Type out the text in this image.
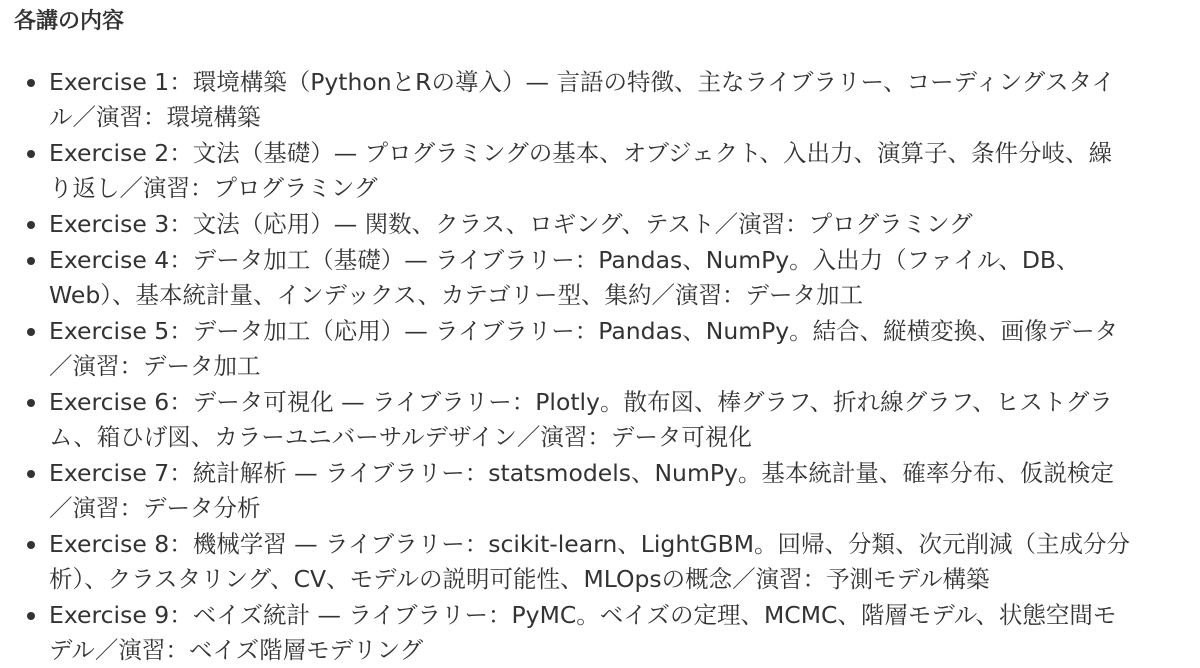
各講の内容
Exercise 1：環境構築（PythonとRの導入）— 言語の特徴、主なライブラリー、コーディングスタイル／演習：環境構築
Exercise 2：文法（基礎）— プログラミングの基本、オブジェクト、入出力、演算子、条件分岐、繰り返し／演習：プログラミング
Exercise 3：文法（応用）— 関数、クラス、ロギング、テスト／演習：プログラミング
Exercise 4：データ加工（基礎）— ライブラリー：Pandas、NumPy。入出力（ファイル、DB、Web）、基本統計量、インデックス、カテゴリー型、集約／演習：データ加工
Exercise 5：データ加工（応用）— ライブラリー：Pandas、NumPy。結合、縦横変換、画像データ／演習：データ加工
Exercise 6：データ可視化 — ライブラリー：Plotly。散布図、棒グラフ、折れ線グラフ、ヒストグラム、箱ひげ図、カラーユニバーサルデザイン／演習：データ可視化
Exercise 7：統計解析 — ライブラリー：statsmodels、NumPy。基本統計量、確率分布、仮説検定／演習：データ分析
Exercise 8：機械学習 — ライブラリー：scikit-learn、LightGBM。回帰、分類、次元削減（主成分分析）、クラスタリング、CV、モデルの説明可能性、MLOpsの概念／演習：予測モデル構築
Exercise 9：ベイズ統計 — ライブラリー：PyMC。ベイズの定理、MCMC、階層モデル、状態空間モデル／演習：ベイズ階層モデリング
